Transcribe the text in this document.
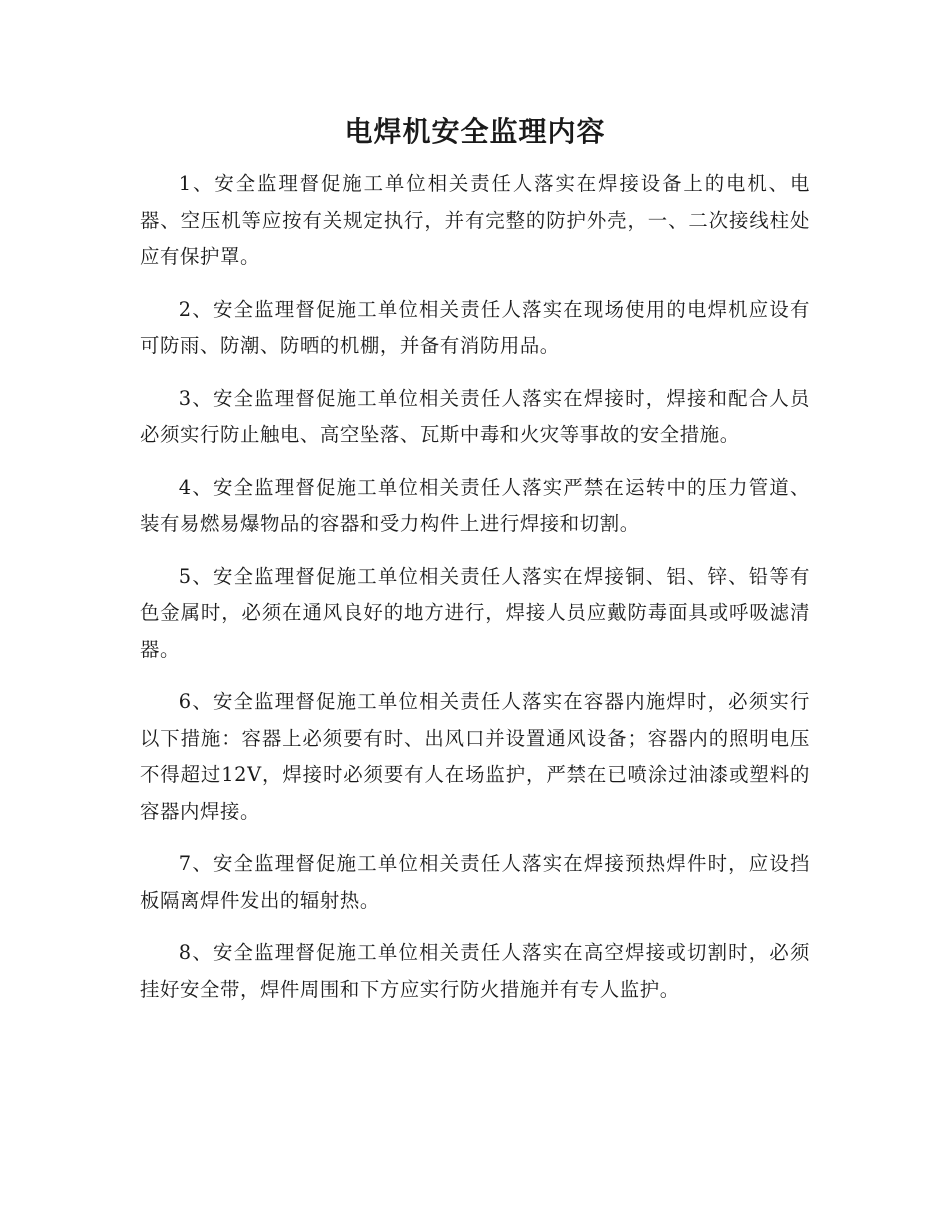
电焊机安全监理内容

1、安全监理督促施工单位相关责任人落实在焊接设备上的电机、电器、空压机等应按有关规定执行，并有完整的防护外壳，一、二次接线柱处应有保护罩。

2、安全监理督促施工单位相关责任人落实在现场使用的电焊机应设有可防雨、防潮、防晒的机棚，并备有消防用品。

3、安全监理督促施工单位相关责任人落实在焊接时，焊接和配合人员必须实行防止触电、高空坠落、瓦斯中毒和火灾等事故的安全措施。

4、安全监理督促施工单位相关责任人落实严禁在运转中的压力管道、装有易燃易爆物品的容器和受力构件上进行焊接和切割。

5、安全监理督促施工单位相关责任人落实在焊接铜、铝、锌、铅等有色金属时，必须在通风良好的地方进行，焊接人员应戴防毒面具或呼吸滤清器。

6、安全监理督促施工单位相关责任人落实在容器内施焊时，必须实行以下措施：容器上必须要有时、出风口并设置通风设备；容器内的照明电压不得超过12V，焊接时必须要有人在场监护，严禁在已喷涂过油漆或塑料的容器内焊接。

7、安全监理督促施工单位相关责任人落实在焊接预热焊件时，应设挡板隔离焊件发出的辐射热。

8、安全监理督促施工单位相关责任人落实在高空焊接或切割时，必须挂好安全带，焊件周围和下方应实行防火措施并有专人监护。
